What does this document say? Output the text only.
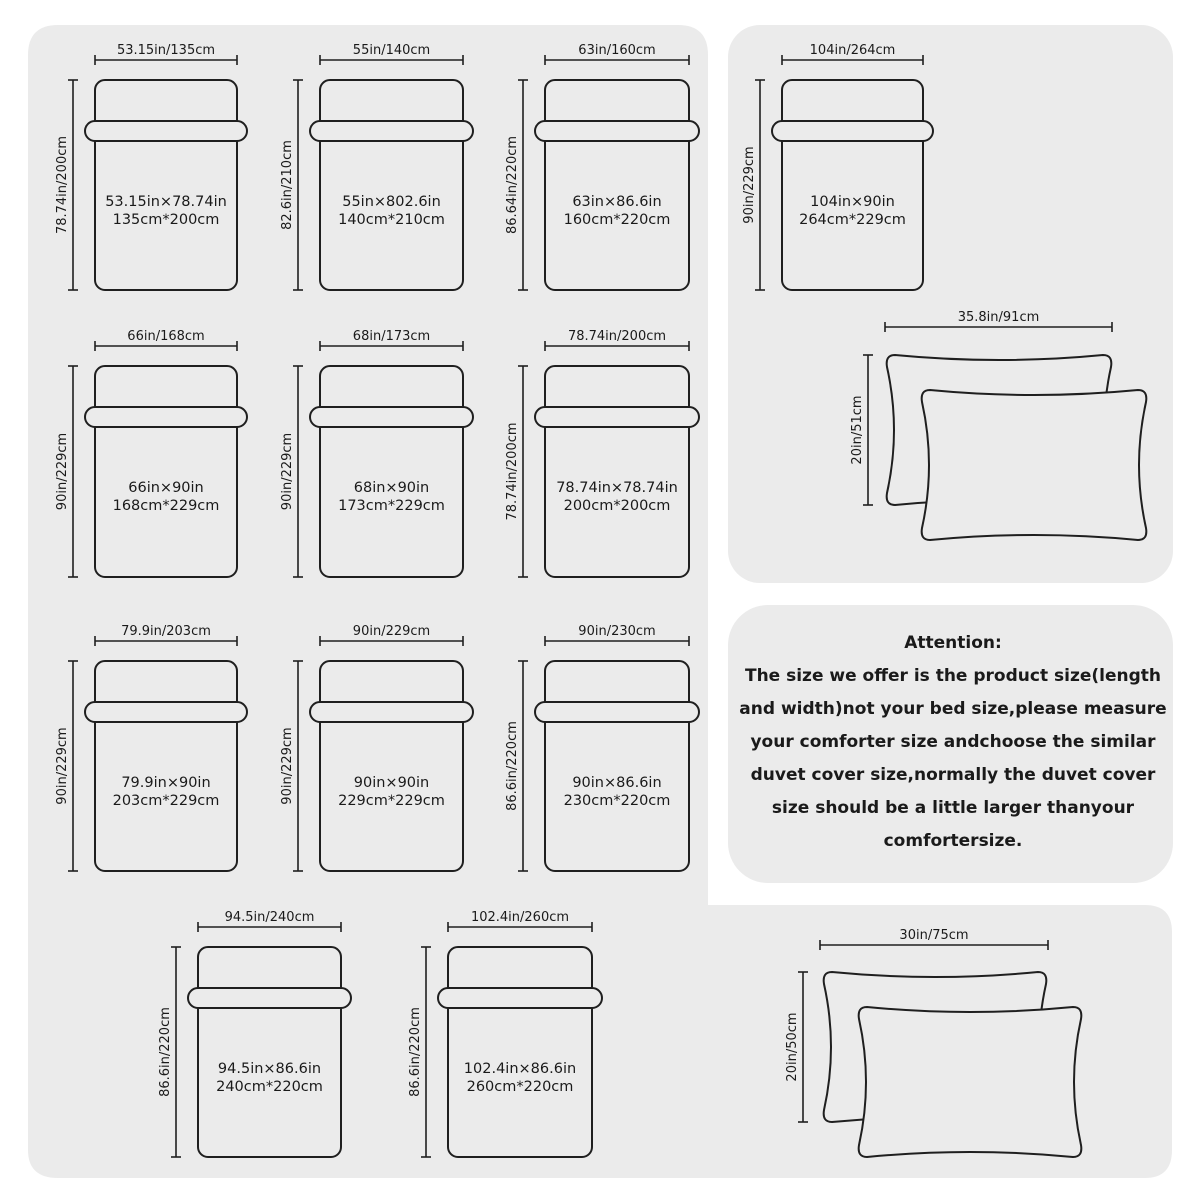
53.15in/135cm
78.74in/200cm 53.15in×78.74in
135cm*200cm
55in/140cm
82.6in/210cm	55in×802.6in
140cm*210cm
63in/160cm
86.64in/220cm	63in×86.6in
160cm*220cm
66in/168cm
90in/229cm	66in×90in
168cm*229cm
68in/173cm
90in/229cm	68in×90in
173cm*229cm
78.74in/200cm
78.74in/200cm 78.74in×78.74in
200cm*200cm
79.9in/203cm
90in/229cm	79.9in×90in
203cm*229cm
90in/229cm
90in/229cm	90in×90in
229cm*229cm
90in/230cm
86.6in/220cm	90in×86.6in
230cm*220cm
94.5in/240cm
86.6in/220cm	94.5in×86.6in
240cm*220cm
102.4in/260cm
86.6in/220cm	102.4in×86.6in
260cm*220cm
104in/264cm
90in/229cm	104in×90in
264cm*229cm
35.8in/91cm
20in/51cm
30in/75cm
20in/50cm
Attention:
The size we offer is the product size(length
and width)not your bed size,please measure
your comforter size andchoose the similar
duvet cover size,normally the duvet cover
size should be a little larger thanyour
comfortersize.
